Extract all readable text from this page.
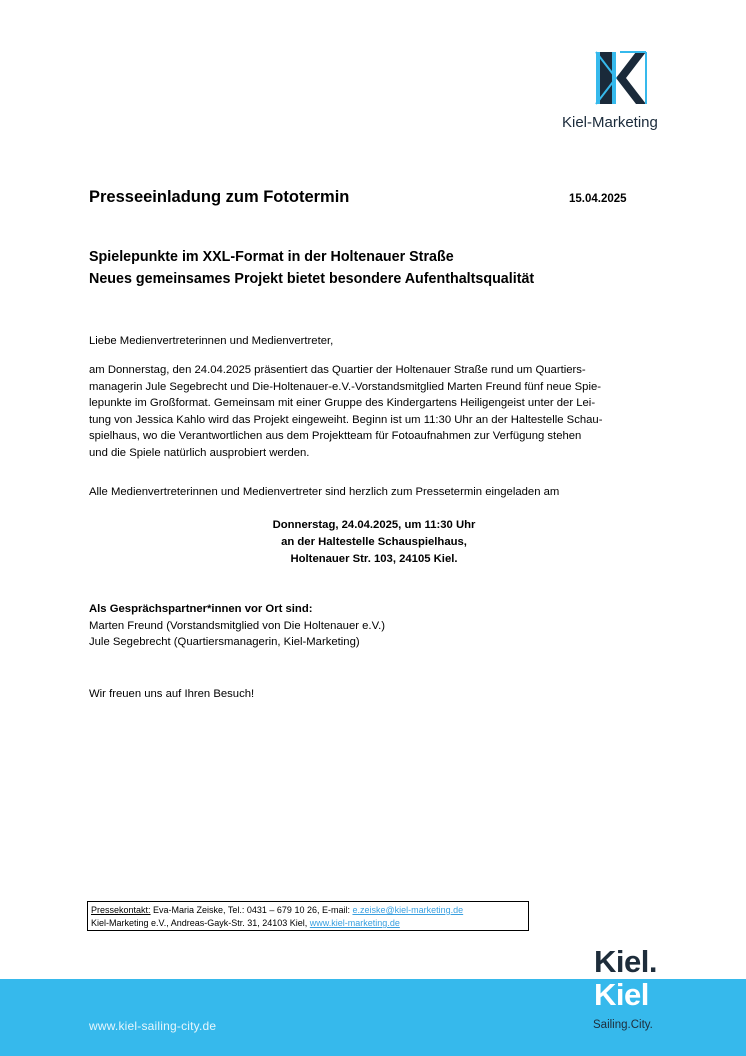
Kiel-Marketing
Presseeinladung zum Fototermin	15.04.2025
Spielepunkte im XXL-Format in der Holtenauer Straße
Neues gemeinsames Projekt bietet besondere Aufenthaltsqualität
Liebe Medienvertreterinnen und Medienvertreter,
am Donnerstag, den 24.04.2025 präsentiert das Quartier der Holtenauer Straße rund um Quartiers-
managerin Jule Segebrecht und Die-Holtenauer-e.V.-Vorstandsmitglied Marten Freund fünf neue Spie-
lepunkte im Großformat. Gemeinsam mit einer Gruppe des Kindergartens Heiligengeist unter der Lei-
tung von Jessica Kahlo wird das Projekt eingeweiht. Beginn ist um 11:30 Uhr an der Haltestelle Schau-
spielhaus, wo die Verantwortlichen aus dem Projektteam für Fotoaufnahmen zur Verfügung stehen
und die Spiele natürlich ausprobiert werden.
Alle Medienvertreterinnen und Medienvertreter sind herzlich zum Pressetermin eingeladen am
Donnerstag, 24.04.2025, um 11:30 Uhr
an der Haltestelle Schauspielhaus,
Holtenauer Str. 103, 24105 Kiel.
Als Gesprächspartner*innen vor Ort sind:
Marten Freund (Vorstandsmitglied von Die Holtenauer e.V.)
Jule Segebrecht (Quartiersmanagerin, Kiel-Marketing)
Wir freuen uns auf Ihren Besuch!
Pressekontakt: Eva-Maria Zeiske, Tel.: 0431 – 679 10 26, E-mail: e.zeiske@kiel-marketing.de
Kiel-Marketing e.V., Andreas-Gayk-Str. 31, 24103 Kiel, www.kiel-marketing.de
www.kiel-sailing-city.de
Kiel.
Kiel
Sailing.City.
